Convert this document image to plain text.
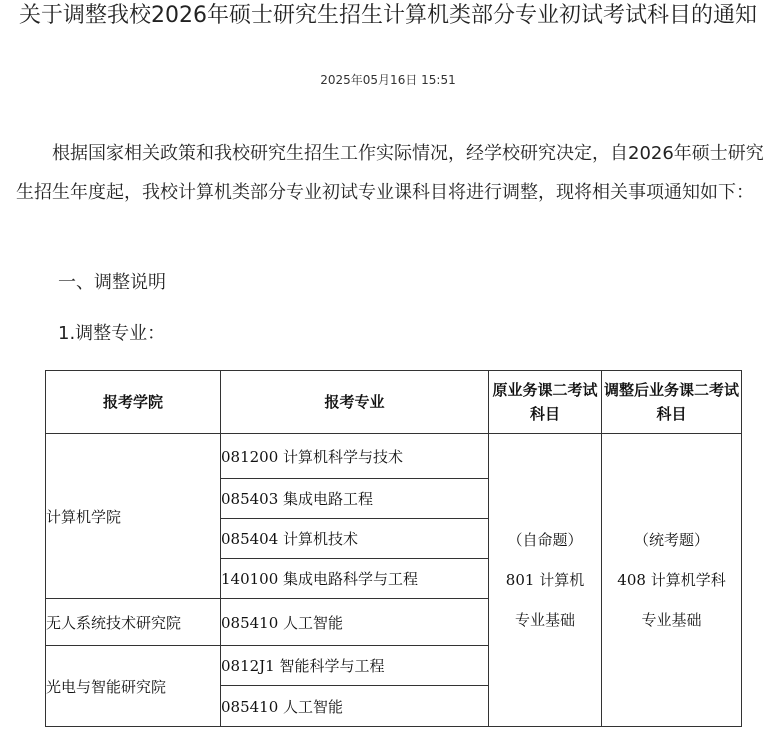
关于调整我校2026年硕士研究生招生计算机类部分专业初试考试科目的通知
2025年05月16日 15:51

根据国家相关政策和我校研究生招生工作实际情况，经学校研究决定，自2026年硕士研究生招生年度起，我校计算机类部分专业初试专业课科目将进行调整，现将相关事项通知如下：

一、调整说明
1.调整专业：
报考学院	报考专业	原业务课二考试科目	调整后业务课二考试科目
计算机学院	081200 计算机科学与技术	（自命题）
801 计算机
专业基础	（统考题）
408 计算机学科
专业基础

	085403 集成电路工程		
	085404 计算机技术		
	140100 集成电路科学与工程		
无人系统技术研究院	085410 人工智能		
光电与智能研究院	0812J1 智能科学与工程		
	085410 人工智能		
